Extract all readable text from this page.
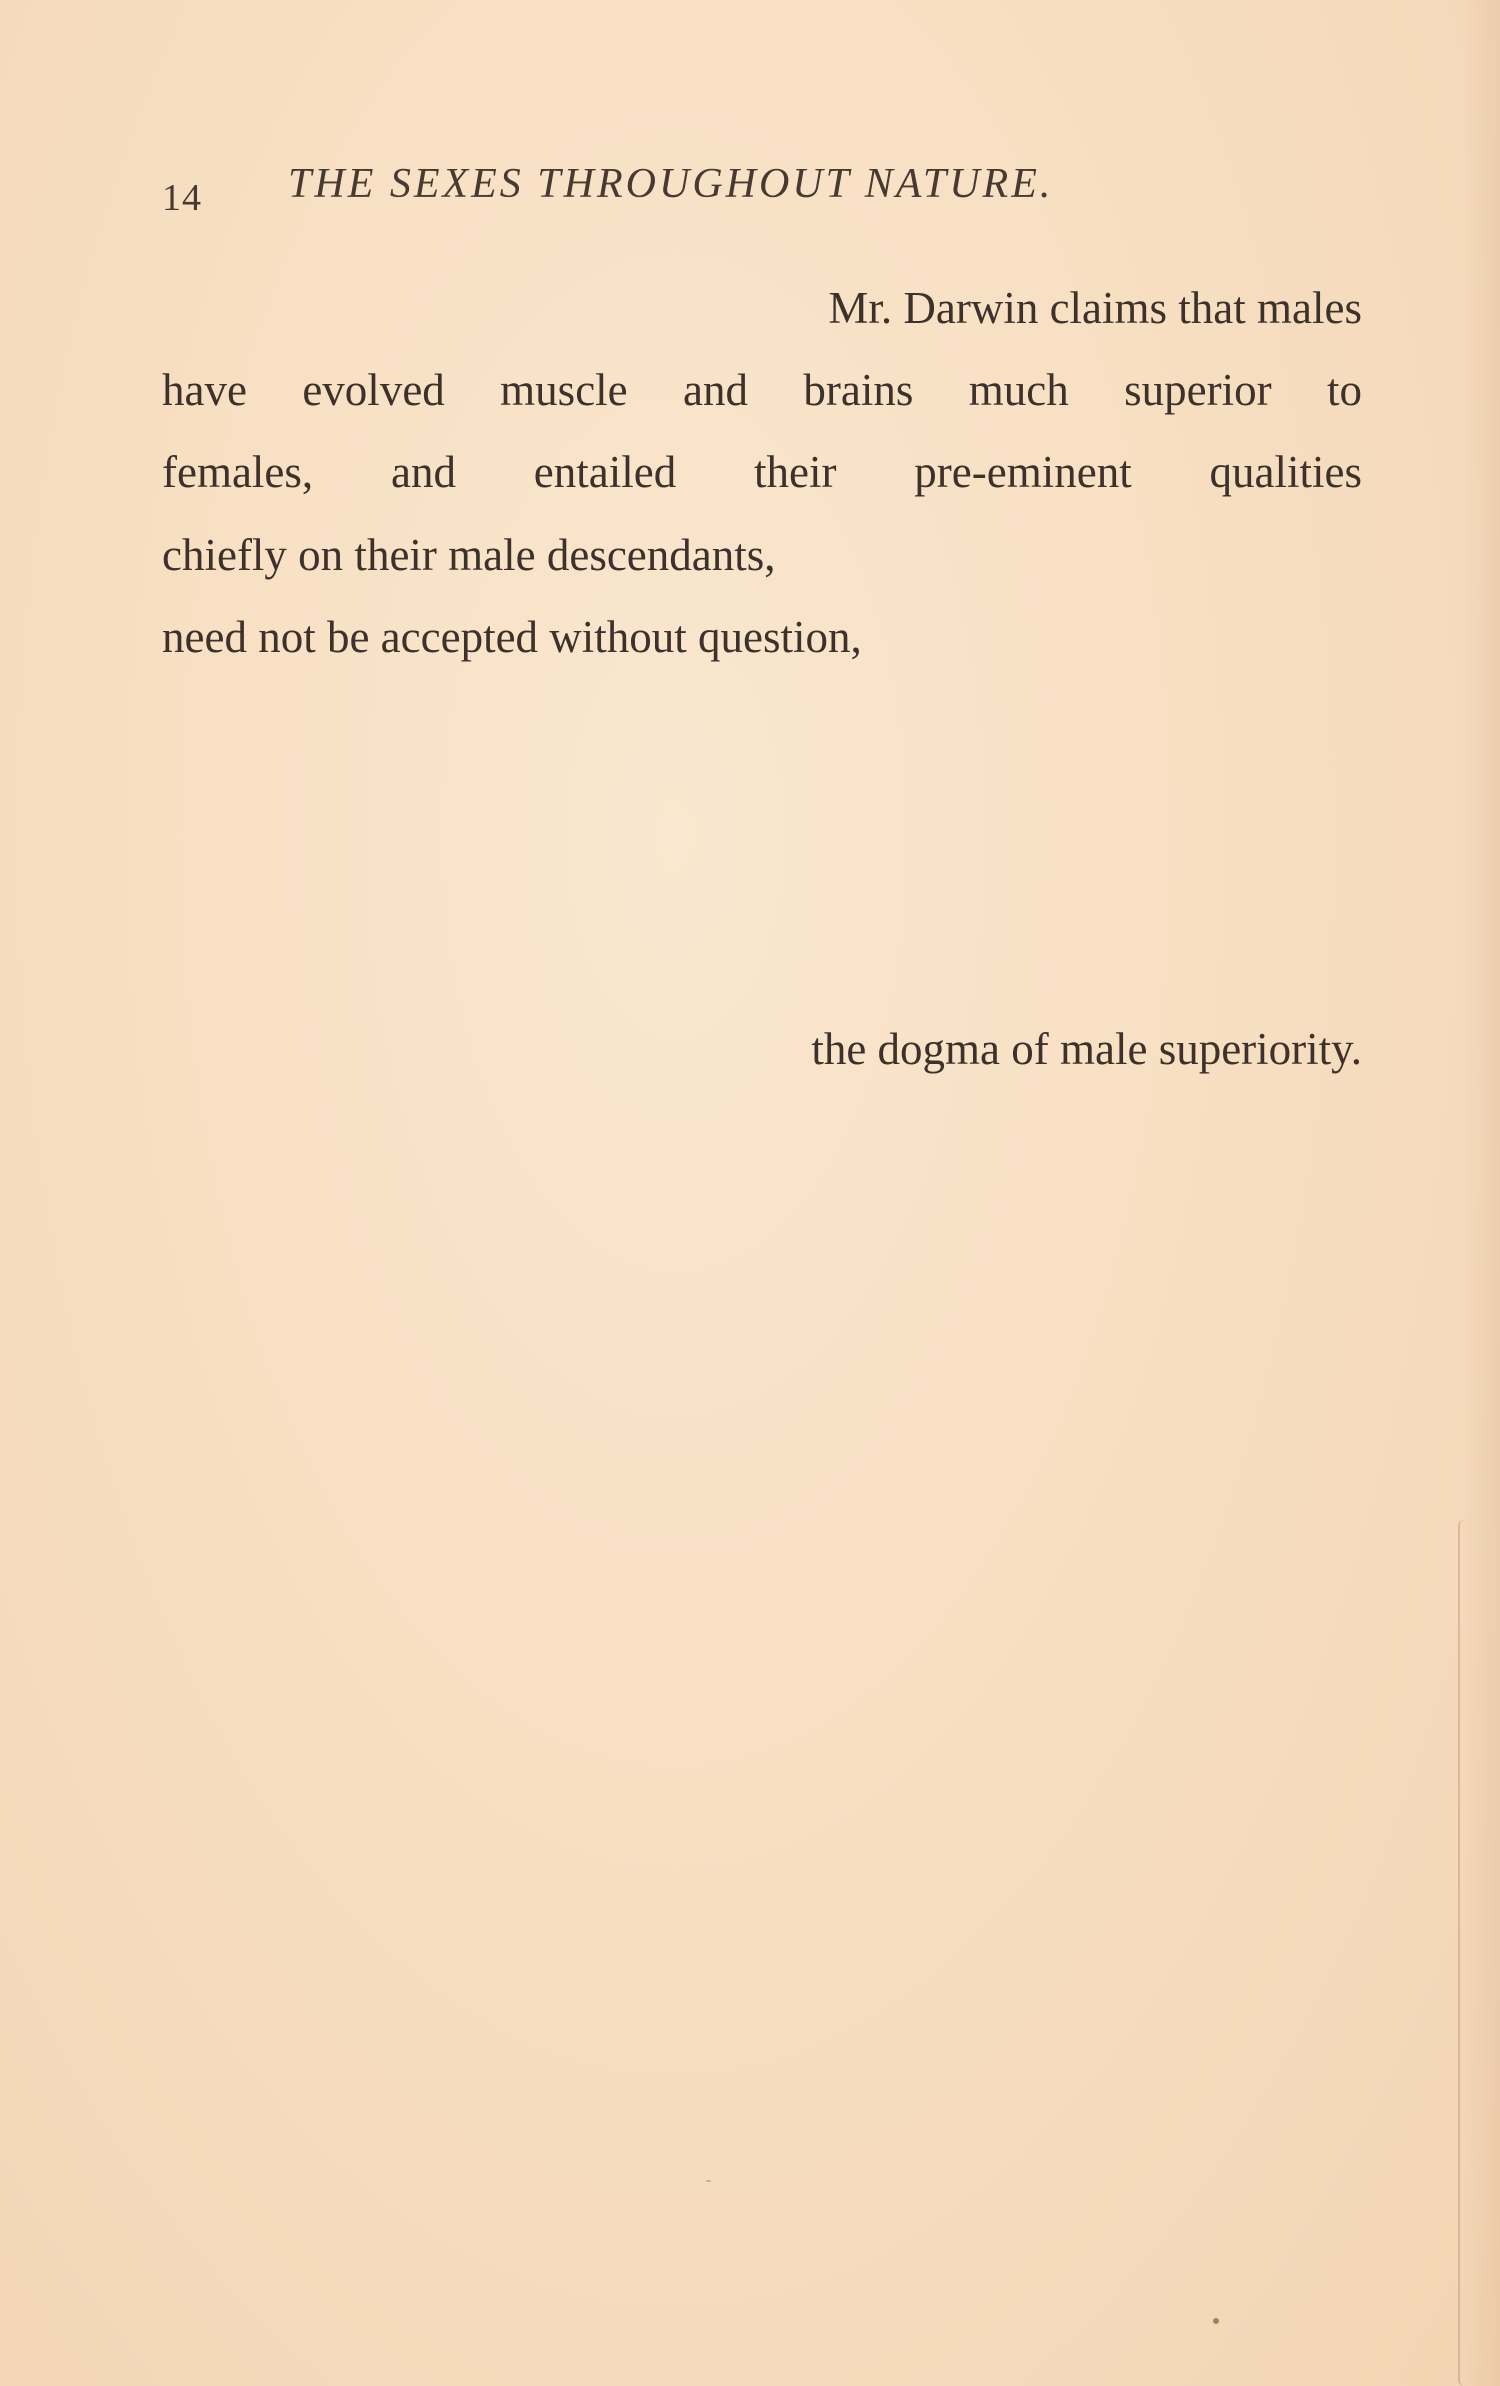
14 THE SEXES THROUGHOUT NATURE.
Mr. Darwin claims that males
have evolved muscle and brains much superior to
females, and entailed their pre-eminent qualities
chiefly on their male descendants,
need not be accepted without question,
the dogma of male superiority.
